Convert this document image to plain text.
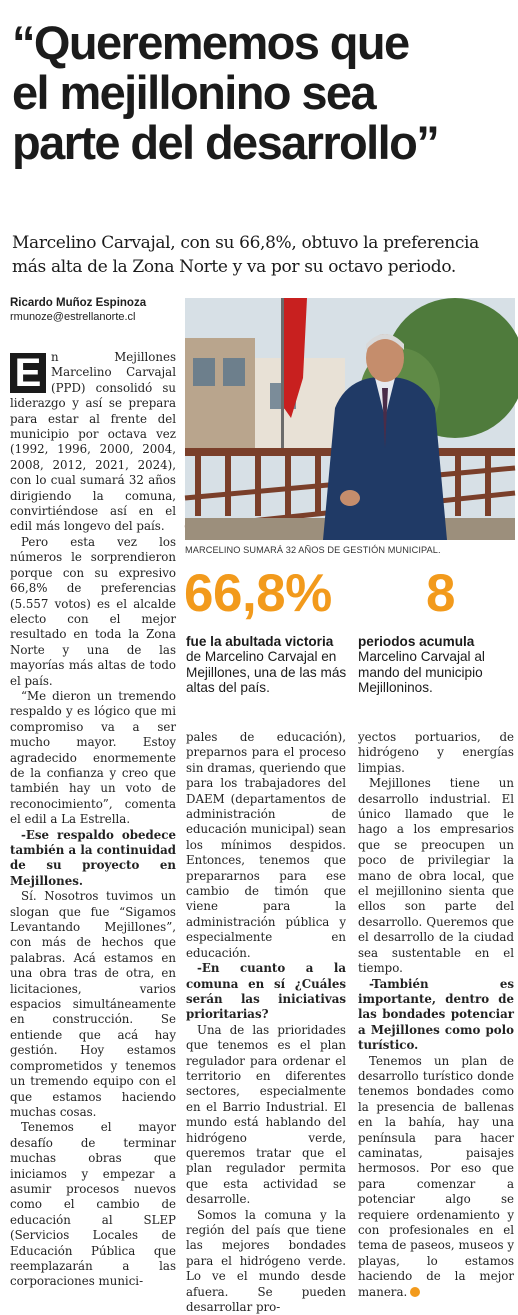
“Querememos que
el mejillonino sea
parte del desarrollo”
Marcelino Carvajal, con su 66,8%, obtuvo la preferencia
más alta de la Zona Norte y va por su octavo periodo.
Ricardo Muñoz Espinoza
rmunoze@estrellanorte.cl

E n Mejillones Marcelino Carvajal (PPD) consolidó su liderazgo y así se prepara para estar al frente del municipio por octava vez (1992, 1996, 2000, 2004, 2008, 2012, 2021, 2024), con lo cual sumará 32 años dirigiendo la comuna, convirtiéndose así en el edil más longevo del país.

Pero esta vez los números le sorprendieron porque con su expresivo 66,8% de preferencias (5.557 votos) es el alcalde electo con el mejor resultado en toda la Zona Norte y una de las mayorías más altas de todo el país.

“Me dieron un tremendo respaldo y es lógico que mi compromiso va a ser mucho mayor. Estoy agradecido enormemente de la confianza y creo que también hay un voto de reconocimiento”, comenta el edil a La Estrella.

-Ese respaldo obedece también a la continuidad de su proyecto en Mejillones.

Sí. Nosotros tuvimos un slogan que fue “Sigamos Levantando Mejillones”, con más de hechos que palabras. Acá estamos en una obra tras de otra, en licitaciones, varios espacios simultáneamente en construcción. Se entiende que acá hay gestión. Hoy estamos comprometidos y tenemos un tremendo equipo con el que estamos haciendo muchas cosas.

Tenemos el mayor desafío de terminar muchas obras que iniciamos y empezar a asumir procesos nuevos como el cambio de educación al SLEP (Servicios Locales de Educación Pública que reemplazarán a las corporaciones munici-

MARCELINO SUMARÁ 32 AÑOS DE GESTIÓN MUNICIPAL.
66,8%
fue la abultada victoria de Marcelino Carvajal en Mejillones, una de las más altas del país.
8
periodos acumula Marcelino Carvajal al mando del municipio Mejilloninos.

pales de educación), preparnos para el proceso sin dramas, queriendo que para los trabajadores del DAEM (departamentos de administración de educación municipal) sean los mínimos despidos. Entonces, tenemos que prepararnos para ese cambio de timón que viene para la administración pública y especialmente en educación.

-En cuanto a la comuna en sí ¿Cuáles serán las iniciativas prioritarias?

Una de las prioridades que tenemos es el plan regulador para ordenar el territorio en diferentes sectores, especialmente en el Barrio Industrial. El mundo está hablando del hidrógeno verde, queremos tratar que el plan regulador permita que esta actividad se desarrolle.

Somos la comuna y la región del país que tiene las mejores bondades para el hidrógeno verde. Lo ve el mundo desde afuera. Se pueden desarrollar pro-

yectos portuarios, de hidrógeno y energías limpias.

Mejillones tiene un desarrollo industrial. El único llamado que le hago a los empresarios que se preocupen un poco de privilegiar la mano de obra local, que el mejillonino sienta que ellos son parte del desarrollo. Queremos que el desarrollo de la ciudad sea sustentable en el tiempo.

-También es importante, dentro de las bondades potenciar a Mejillones como polo turístico.

Tenemos un plan de desarrollo turístico donde tenemos bondades como la presencia de ballenas en la bahía, hay una península para hacer caminatas, paisajes hermosos. Por eso que para comenzar a potenciar algo se requiere ordenamiento y con profesionales en el tema de paseos, museos y playas, lo estamos haciendo de la mejor manera.
